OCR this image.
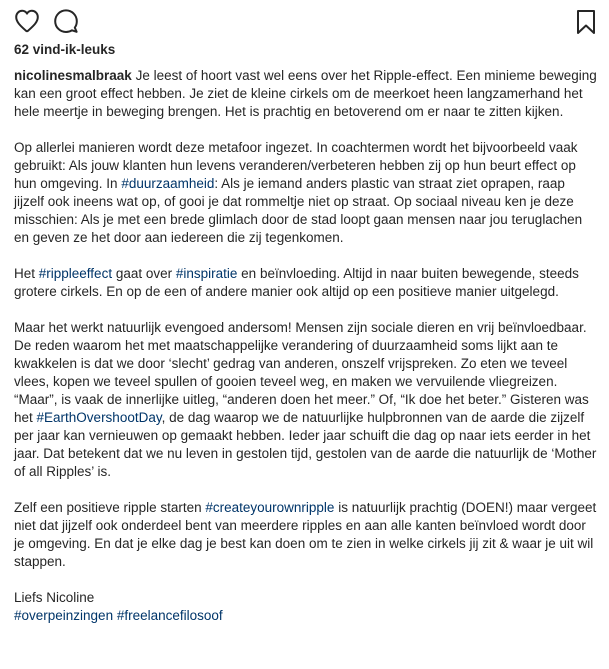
62 vind-ik-leuks

nicolinesmalbraak Je leest of hoort vast wel eens over het Ripple-effect. Een minieme beweging kan een groot effect hebben. Je ziet de kleine cirkels om de meerkoet heen langzamerhand het hele meertje in beweging brengen. Het is prachtig en betoverend om er naar te zitten kijken.

Op allerlei manieren wordt deze metafoor ingezet. In coachtermen wordt het bijvoorbeeld vaak gebruikt: Als jouw klanten hun levens veranderen/verbeteren hebben zij op hun beurt effect op hun omgeving. In #duurzaamheid: Als je iemand anders plastic van straat ziet oprapen, raap jijzelf ook ineens wat op, of gooi je dat rommeltje niet op straat. Op sociaal niveau ken je deze misschien: Als je met een brede glimlach door de stad loopt gaan mensen naar jou teruglachen en geven ze het door aan iedereen die zij tegenkomen.

Het #rippleeffect gaat over #inspiratie en beïnvloeding. Altijd in naar buiten bewegende, steeds grotere cirkels. En op de een of andere manier ook altijd op een positieve manier uitgelegd.

Maar het werkt natuurlijk evengoed andersom! Mensen zijn sociale dieren en vrij beïnvloedbaar. De reden waarom het met maatschappelijke verandering of duurzaamheid soms lijkt aan te kwakkelen is dat we door ‘slecht’ gedrag van anderen, onszelf vrijspreken. Zo eten we teveel vlees, kopen we teveel spullen of gooien teveel weg, en maken we vervuilende vliegreizen. “Maar”, is vaak de innerlijke uitleg, “anderen doen het meer.” Of, “Ik doe het beter.” Gisteren was het #EarthOvershootDay, de dag waarop we de natuurlijke hulpbronnen van de aarde die zijzelf per jaar kan vernieuwen op gemaakt hebben. Ieder jaar schuift die dag op naar iets eerder in het jaar. Dat betekent dat we nu leven in gestolen tijd, gestolen van de aarde die natuurlijk de ‘Mother of all Ripples’ is.

Zelf een positieve ripple starten #createyourownripple is natuurlijk prachtig (DOEN!) maar vergeet niet dat jijzelf ook onderdeel bent van meerdere ripples en aan alle kanten beïnvloed wordt door je omgeving. En dat je elke dag je best kan doen om te zien in welke cirkels jij zit & waar je uit wil stappen.

Liefs Nicoline
#overpeinzingen #freelancefilosoof
